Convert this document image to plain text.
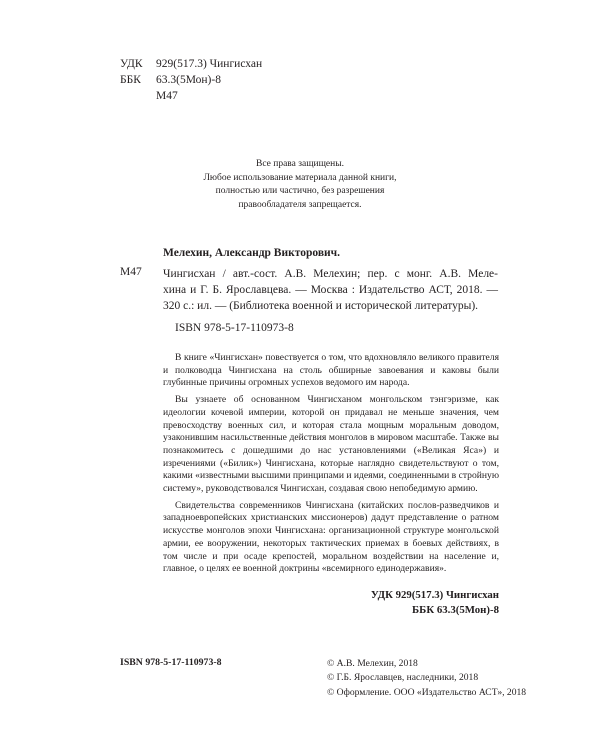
УДК	929(517.3) Чингисхан
ББК	63.3(5Мон)-8
М47
Все права защищены.
Любое использование материала данной книги,
полностью или частично, без разрешения
правообладателя запрещается.
Мелехин, Александр Викторович.
М47 Чингисхан / авт.-сост. А.В. Мелехин; пер. с монг. А.В. Меле-
хина и Г. Б. Ярославцева. — Москва : Издательство АСТ, 2018. —
320 с.: ил. — (Библиотека военной и исторической литературы).
ISBN 978-5-17-110973-8

В книге «Чингисхан» повествуется о том, что вдохновляло великого правителя и полководца Чингисхана на столь обширные завоевания и каковы были глубинные причины огромных успехов ведомого им народа.

Вы узнаете об основанном Чингисханом монгольском тэнгэризме, как идеологии кочевой империи, которой он придавал не меньше значения, чем превосходству военных сил, и которая стала мощным моральным доводом, узаконившим насильственные действия монголов в мировом масштабе. Также вы познакомитесь с дошедшими до нас установлениями («Великая Яса») и изречениями («Билик») Чингисхана, которые наглядно свидетельствуют о том, какими «известными высшими принципами и идеями, соединенными в стройную систему», руководствовался Чингисхан, создавая свою непобедимую армию.

Свидетельства современников Чингисхана (китайских послов-разведчиков и западноевропейских христианских миссионеров) дадут представление о ратном искусстве монголов эпохи Чингисхана: организационной структуре монгольской армии, ее вооружении, некоторых тактических приемах в боевых действиях, в том числе и при осаде крепостей, моральном воздействии на население и, главное, о целях ее военной доктрины «всемирного единодержавия».

УДК 929(517.3) Чингисхан
ББК 63.3(5Мон)-8
ISBN 978-5-17-110973-8	© А.В. Мелехин, 2018
© Г.Б. Ярославцев, наследники, 2018
© Оформление. ООО «Издательство АСТ», 2018
